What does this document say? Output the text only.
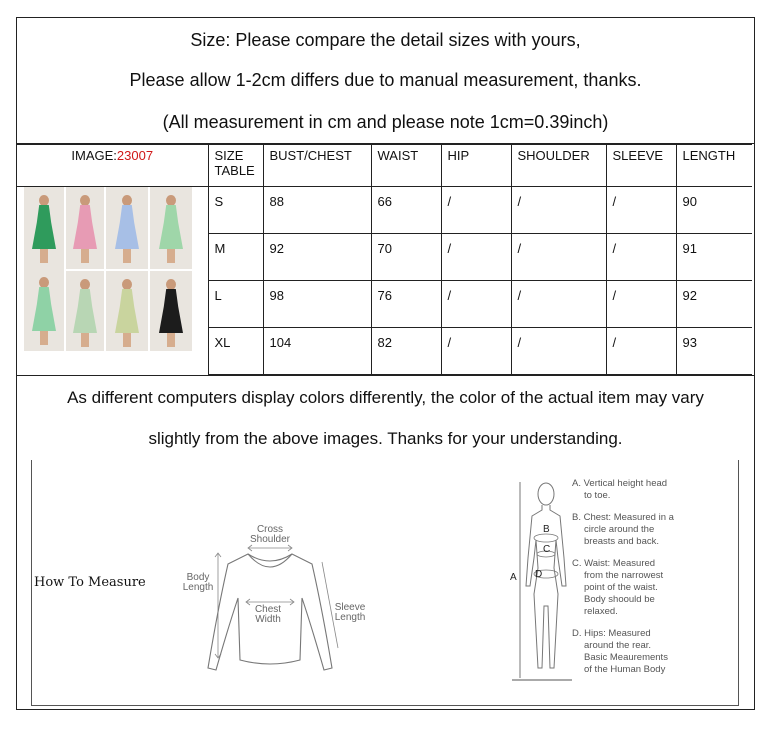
Size: Please compare the detail sizes with yours,
Please allow 1-2cm differs due to manual measurement, thanks.
(All measurement in cm and please note 1cm=0.39inch)
IMAGE:23007	SIZE TABLE	BUST/CHEST	WAIST	HIP	SHOULDER	SLEEVE	LENGTH

	S	88	66	/	/	/	90
	M	92	70	/	/	/	91
	L	98	76	/	/	/	92
	XL	104	82	/	/	/	93
As different computers display colors differently, the color of the actual item may vary
slightly from the above images. Thanks for your understanding.
How To Measure
Cross
Shoulder
Body
Length
Chest
Width
Sleeve
Length
A
B
C
D
A. Vertical height head
to toe.
B. Chest: Measured in a
circle around the
breasts and back.
C. Waist: Measured
from the narrowest
point of the waist.
Body shoould be
relaxed.
D. Hips: Measured
around the rear.
Basic Meaurements
of the Human Body
